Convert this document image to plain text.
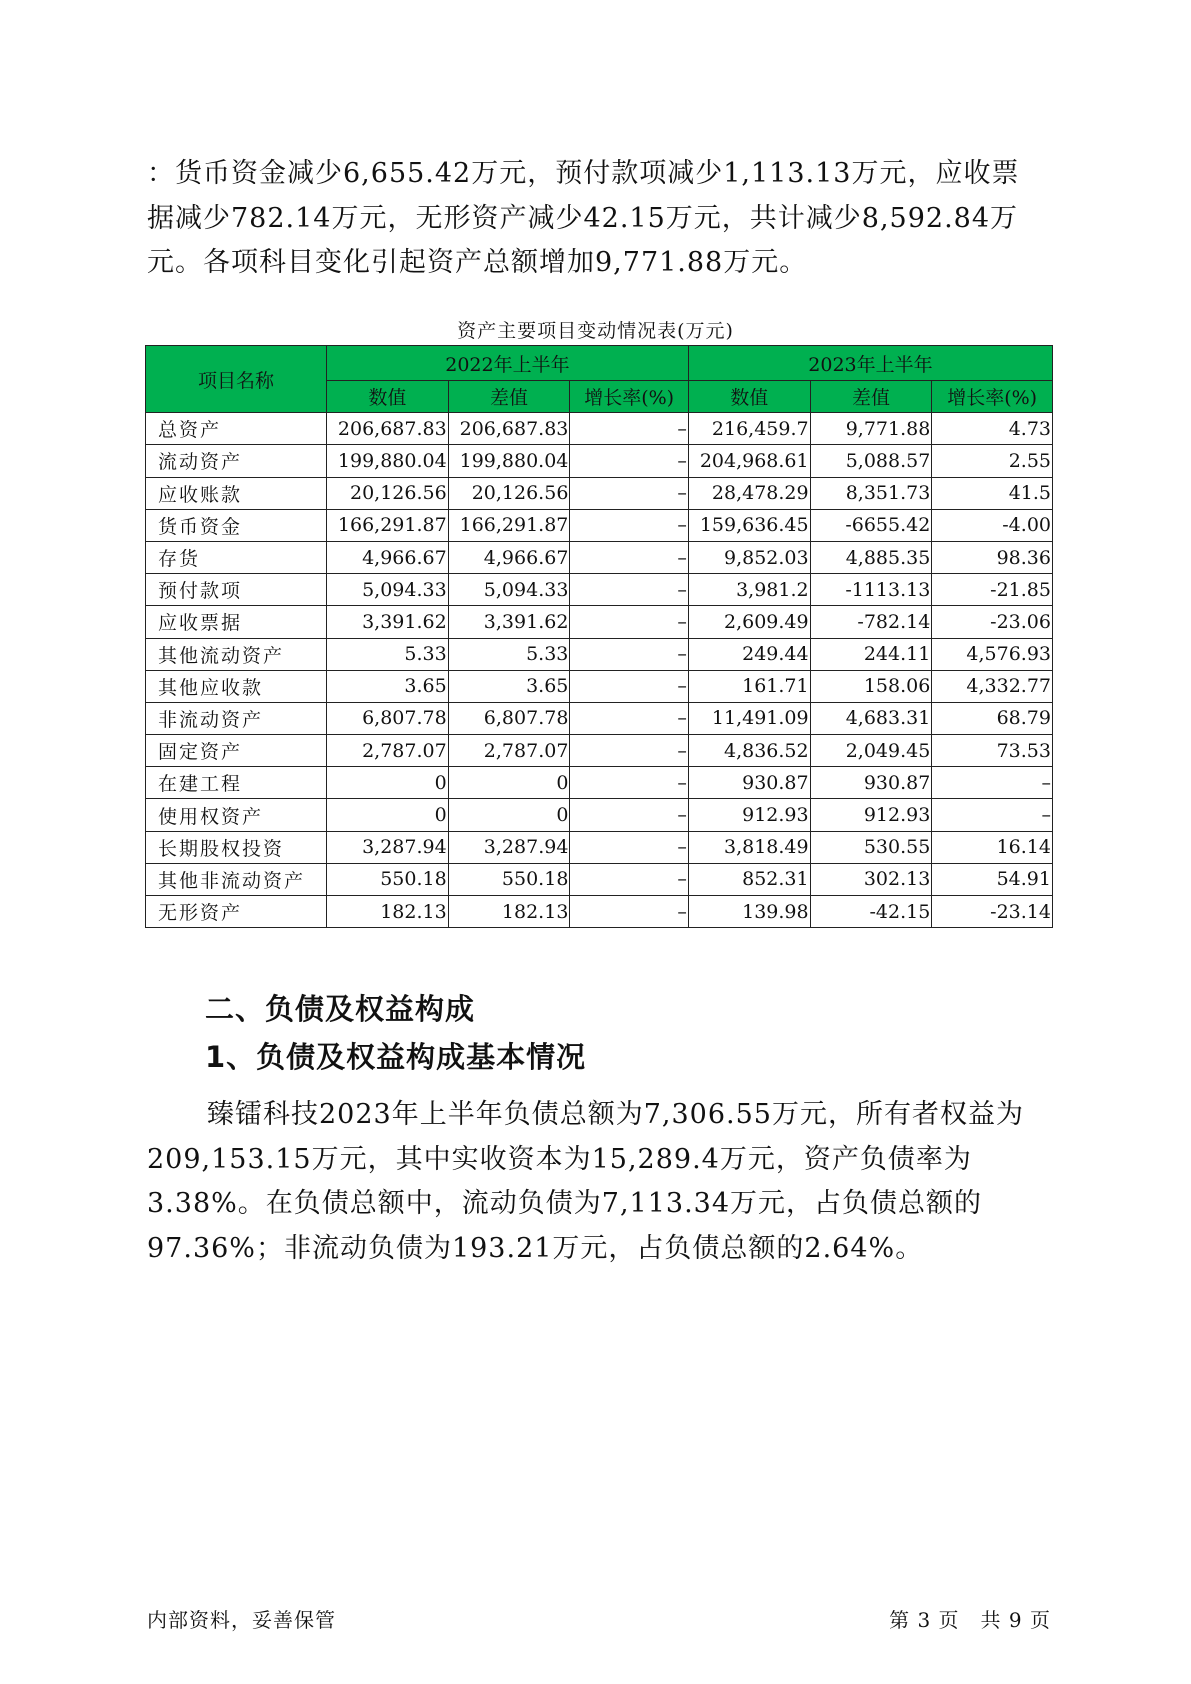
：货币资金减少6,655.42万元，预付款项减少1,113.13万元，应收票据减少782.14万元，无形资产减少42.15万元，共计减少8,592.84万元。各项科目变化引起资产总额增加9,771.88万元。

资产主要项目变动情况表(万元)
项目名称	2022年上半年			2023年上半年		
	数值	差值	增长率(%)	数值	差值	增长率(%)
总资产	206,687.83	206,687.83	–	216,459.7	9,771.88	4.73
流动资产	199,880.04	199,880.04	–	204,968.61	5,088.57	2.55
应收账款	20,126.56	20,126.56	–	28,478.29	8,351.73	41.5
货币资金	166,291.87	166,291.87	–	159,636.45	-6655.42	-4.00
存货	4,966.67	4,966.67	–	9,852.03	4,885.35	98.36
预付款项	5,094.33	5,094.33	–	3,981.2	-1113.13	-21.85
应收票据	3,391.62	3,391.62	–	2,609.49	-782.14	-23.06
其他流动资产	5.33	5.33	–	249.44	244.11	4,576.93
其他应收款	3.65	3.65	–	161.71	158.06	4,332.77
非流动资产	6,807.78	6,807.78	–	11,491.09	4,683.31	68.79
固定资产	2,787.07	2,787.07	–	4,836.52	2,049.45	73.53
在建工程	0	0	–	930.87	930.87	–
使用权资产	0	0	–	912.93	912.93	–
长期股权投资	3,287.94	3,287.94	–	3,818.49	530.55	16.14
其他非流动资产	550.18	550.18	–	852.31	302.13	54.91
无形资产	182.13	182.13	–	139.98	-42.15	-23.14
二、负债及权益构成
1、负债及权益构成基本情况

臻镭科技2023年上半年负债总额为7,306.55万元，所有者权益为209,153.15万元，其中实收资本为15,289.4万元，资产负债率为3.38%。在负债总额中，流动负债为7,113.34万元，占负债总额的97.36%；非流动负债为193.21万元，占负债总额的2.64%。

内部资料，妥善保管	第 3 页　共 9 页
